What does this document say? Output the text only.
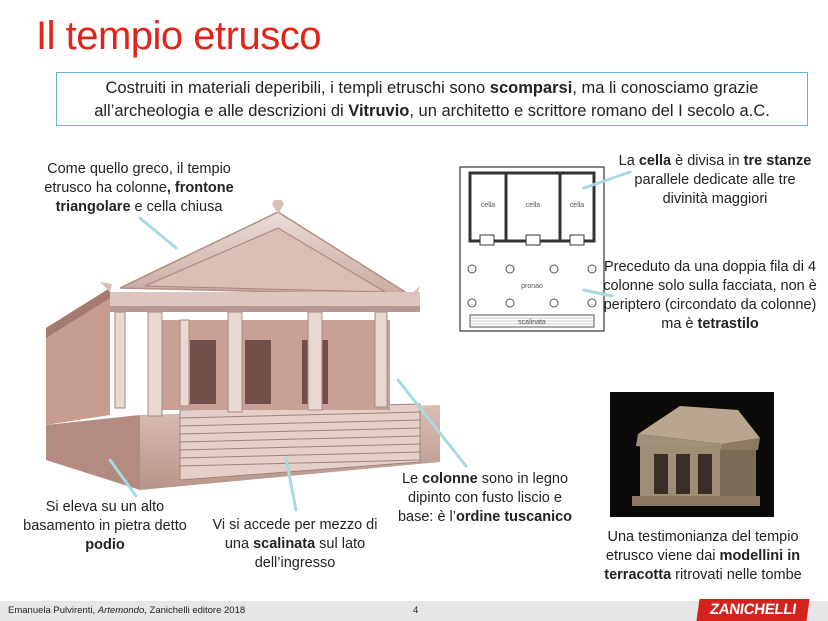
Il tempio etrusco
Costruiti in materiali deperibili, i templi etruschi sono scomparsi, ma li conosciamo grazie all’archeologia e alle descrizioni di Vitruvio, un architetto e scrittore romano del I secolo a.C.
cella	cella	cella
pronao
scalinata
Come quello greco, il tempio etrusco ha colonne, frontone triangolare e cella chiusa
La cella è divisa in tre stanze parallele dedicate alle tre divinità maggiori
Preceduto da una doppia fila di 4 colonne solo sulla facciata, non è periptero (circondato da colonne) ma è tetrastilo
Si eleva su un alto basamento in pietra detto podio
Vi si accede per mezzo di una scalinata sul lato dell’ingresso
Le colonne sono in legno dipinto con fusto liscio e base: è l’ordine tuscanico
Una testimonianza del tempio etrusco viene dai modellini in terracotta ritrovati nelle tombe
Emanuela Pulvirenti, Artemondo, Zanichelli editore 2018	4	ZANICHELLI
